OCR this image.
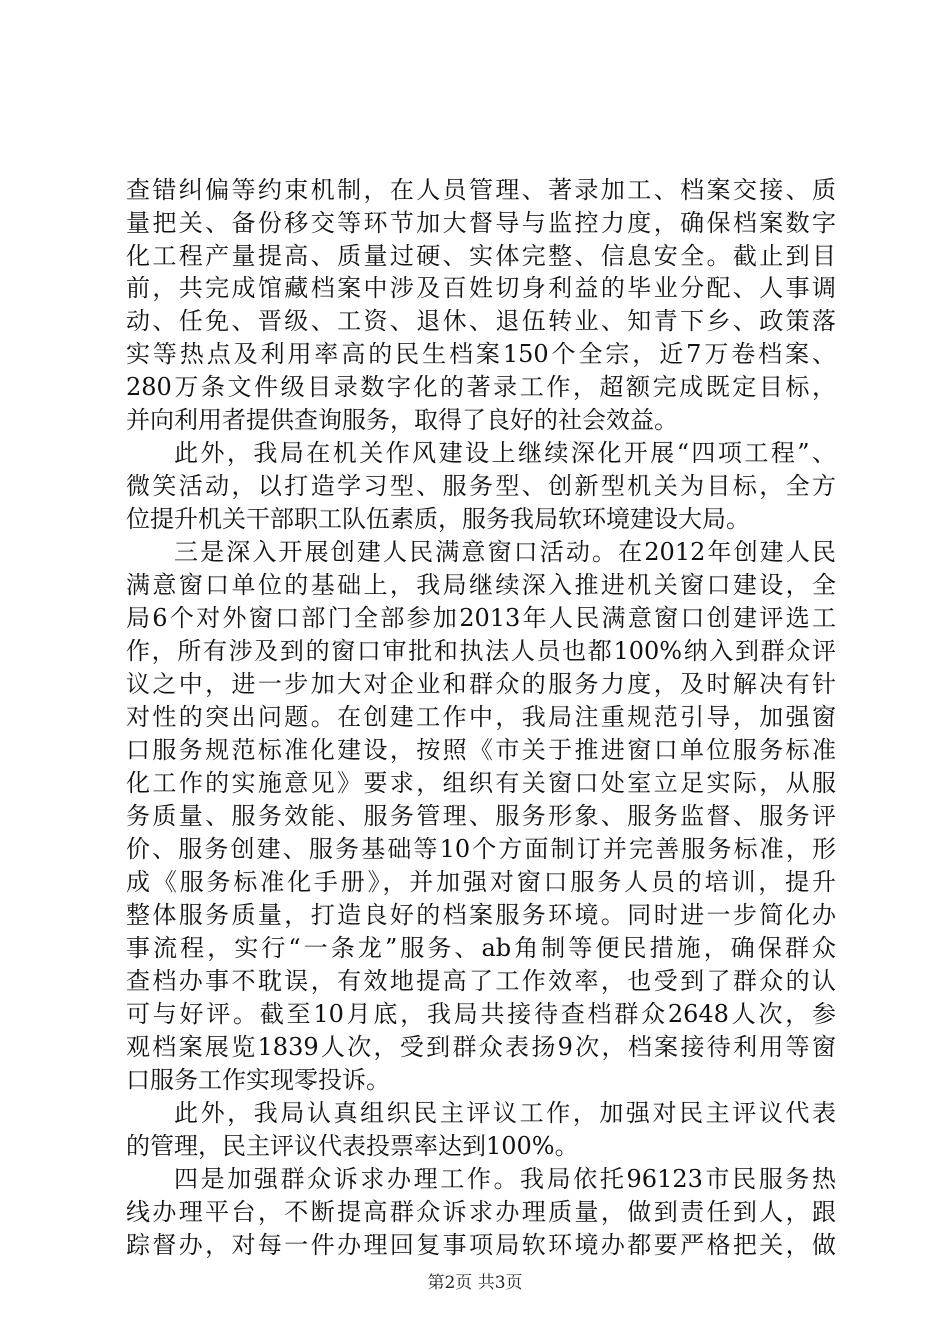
查错纠偏等约束机制，在人员管理、著录加工、档案交接、质
量把关、备份移交等环节加大督导与监控力度，确保档案数字
化工程产量提高、质量过硬、实体完整、信息安全。截止到目
前，共完成馆藏档案中涉及百姓切身利益的毕业分配、人事调
动、任免、晋级、工资、退休、退伍转业、知青下乡、政策落
实等热点及利用率高的民生档案150个全宗，近7万卷档案、
280万条文件级目录数字化的著录工作，超额完成既定目标，
并向利用者提供查询服务，取得了良好的社会效益。
此外，我局在机关作风建设上继续深化开展“四项工程”、
微笑活动，以打造学习型、服务型、创新型机关为目标，全方
位提升机关干部职工队伍素质，服务我局软环境建设大局。
三是深入开展创建人民满意窗口活动。在2012年创建人民
满意窗口单位的基础上，我局继续深入推进机关窗口建设，全
局6个对外窗口部门全部参加2013年人民满意窗口创建评选工
作，所有涉及到的窗口审批和执法人员也都100%纳入到群众评
议之中，进一步加大对企业和群众的服务力度，及时解决有针
对性的突出问题。在创建工作中，我局注重规范引导，加强窗
口服务规范标准化建设，按照《市关于推进窗口单位服务标准
化工作的实施意见》要求，组织有关窗口处室立足实际，从服
务质量、服务效能、服务管理、服务形象、服务监督、服务评
价、服务创建、服务基础等10个方面制订并完善服务标准，形
成《服务标准化手册》，并加强对窗口服务人员的培训，提升
整体服务质量，打造良好的档案服务环境。同时进一步简化办
事流程，实行“一条龙”服务、ab角制等便民措施，确保群众
查档办事不耽误，有效地提高了工作效率，也受到了群众的认
可与好评。截至10月底，我局共接待查档群众2648人次，参
观档案展览1839人次，受到群众表扬9次，档案接待利用等窗
口服务工作实现零投诉。
此外，我局认真组织民主评议工作，加强对民主评议代表
的管理，民主评议代表投票率达到100%。
四是加强群众诉求办理工作。我局依托96123市民服务热
线办理平台，不断提高群众诉求办理质量，做到责任到人，跟
踪督办，对每一件办理回复事项局软环境办都要严格把关，做
第2页 共3页
